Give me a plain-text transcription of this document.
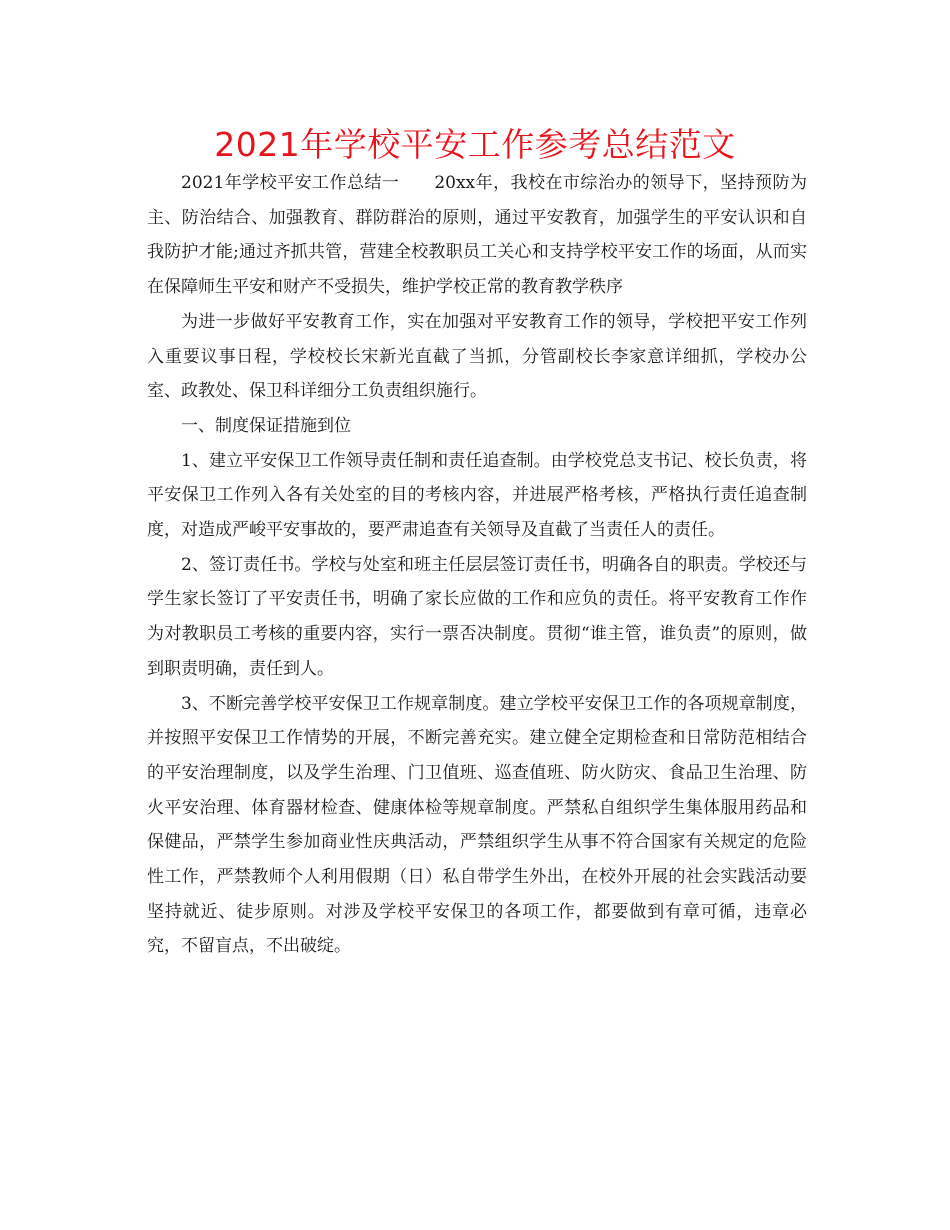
2021年学校平安工作参考总结范文

2021年学校平安工作总结一　　20xx年，我校在市综治办的领导下，坚持预防为主、防治结合、加强教育、群防群治的原则，通过平安教育，加强学生的平安认识和自我防护才能;通过齐抓共管，营建全校教职员工关心和支持学校平安工作的场面，从而实在保障师生平安和财产不受损失，维护学校正常的教育教学秩序

为进一步做好平安教育工作，实在加强对平安教育工作的领导，学校把平安工作列入重要议事日程，学校校长宋新光直截了当抓，分管副校长李家意详细抓，学校办公室、政教处、保卫科详细分工负责组织施行。

一、制度保证措施到位

1、建立平安保卫工作领导责任制和责任追查制。由学校党总支书记、校长负责，将平安保卫工作列入各有关处室的目的考核内容，并进展严格考核，严格执行责任追查制度，对造成严峻平安事故的，要严肃追查有关领导及直截了当责任人的责任。

2、签订责任书。学校与处室和班主任层层签订责任书，明确各自的职责。学校还与学生家长签订了平安责任书，明确了家长应做的工作和应负的责任。将平安教育工作作为对教职员工考核的重要内容，实行一票否决制度。贯彻“谁主管，谁负责”的原则，做到职责明确，责任到人。

3、不断完善学校平安保卫工作规章制度。建立学校平安保卫工作的各项规章制度，并按照平安保卫工作情势的开展，不断完善充实。建立健全定期检查和日常防范相结合的平安治理制度，以及学生治理、门卫值班、巡查值班、防火防灾、食品卫生治理、防火平安治理、体育器材检查、健康体检等规章制度。严禁私自组织学生集体服用药品和保健品，严禁学生参加商业性庆典活动，严禁组织学生从事不符合国家有关规定的危险性工作，严禁教师个人利用假期（日）私自带学生外出，在校外开展的社会实践活动要坚持就近、徒步原则。对涉及学校平安保卫的各项工作，都要做到有章可循，违章必究，不留盲点，不出破绽。
